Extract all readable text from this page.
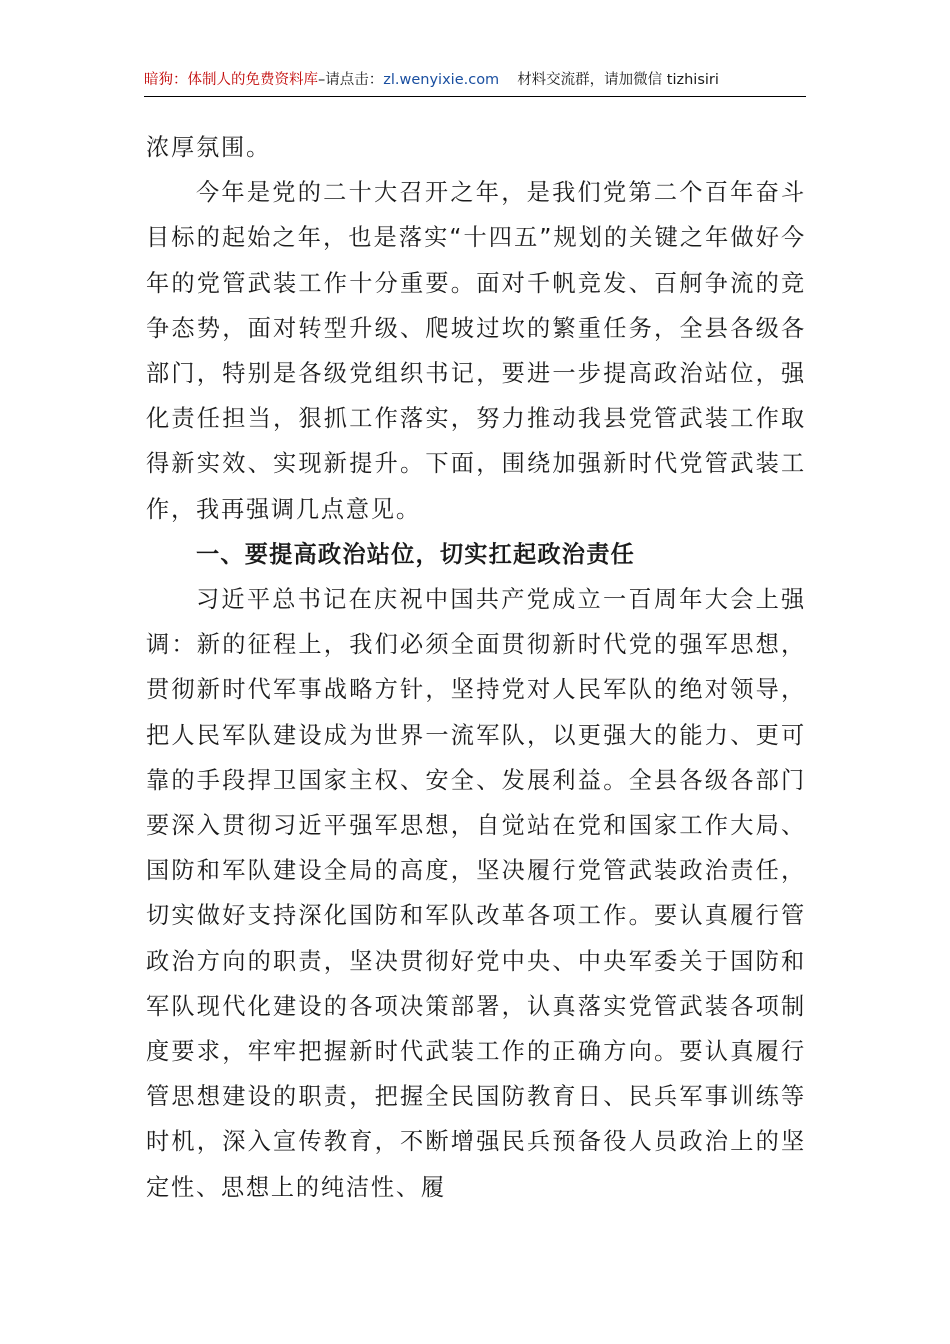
暗狗：体制人的免费资料库–请点击：zl.wenyixie.com 材料交流群，请加微信 tizhisiri

浓厚氛围。

今年是党的二十大召开之年，是我们党第二个百年奋斗目标的起始之年，也是落实“十四五”规划的关键之年做好今年的党管武装工作十分重要。面对千帆竞发、百舸争流的竞争态势，面对转型升级、爬坡过坎的繁重任务，全县各级各部门，特别是各级党组织书记，要进一步提高政治站位，强化责任担当，狠抓工作落实，努力推动我县党管武装工作取得新实效、实现新提升。下面，围绕加强新时代党管武装工作，我再强调几点意见。

一、要提高政治站位，切实扛起政治责任

习近平总书记在庆祝中国共产党成立一百周年大会上强调：新的征程上，我们必须全面贯彻新时代党的强军思想，贯彻新时代军事战略方针，坚持党对人民军队的绝对领导，把人民军队建设成为世界一流军队，以更强大的能力、更可靠的手段捍卫国家主权、安全、发展利益。全县各级各部门要深入贯彻习近平强军思想，自觉站在党和国家工作大局、国防和军队建设全局的高度，坚决履行党管武装政治责任，切实做好支持深化国防和军队改革各项工作。要认真履行管政治方向的职责，坚决贯彻好党中央、中央军委关于国防和军队现代化建设的各项决策部署，认真落实党管武装各项制度要求，牢牢把握新时代武装工作的正确方向。要认真履行管思想建设的职责，把握全民国防教育日、民兵军事训练等时机，深入宣传教育，不断增强民兵预备役人员政治上的坚定性、思想上的纯洁性、履
